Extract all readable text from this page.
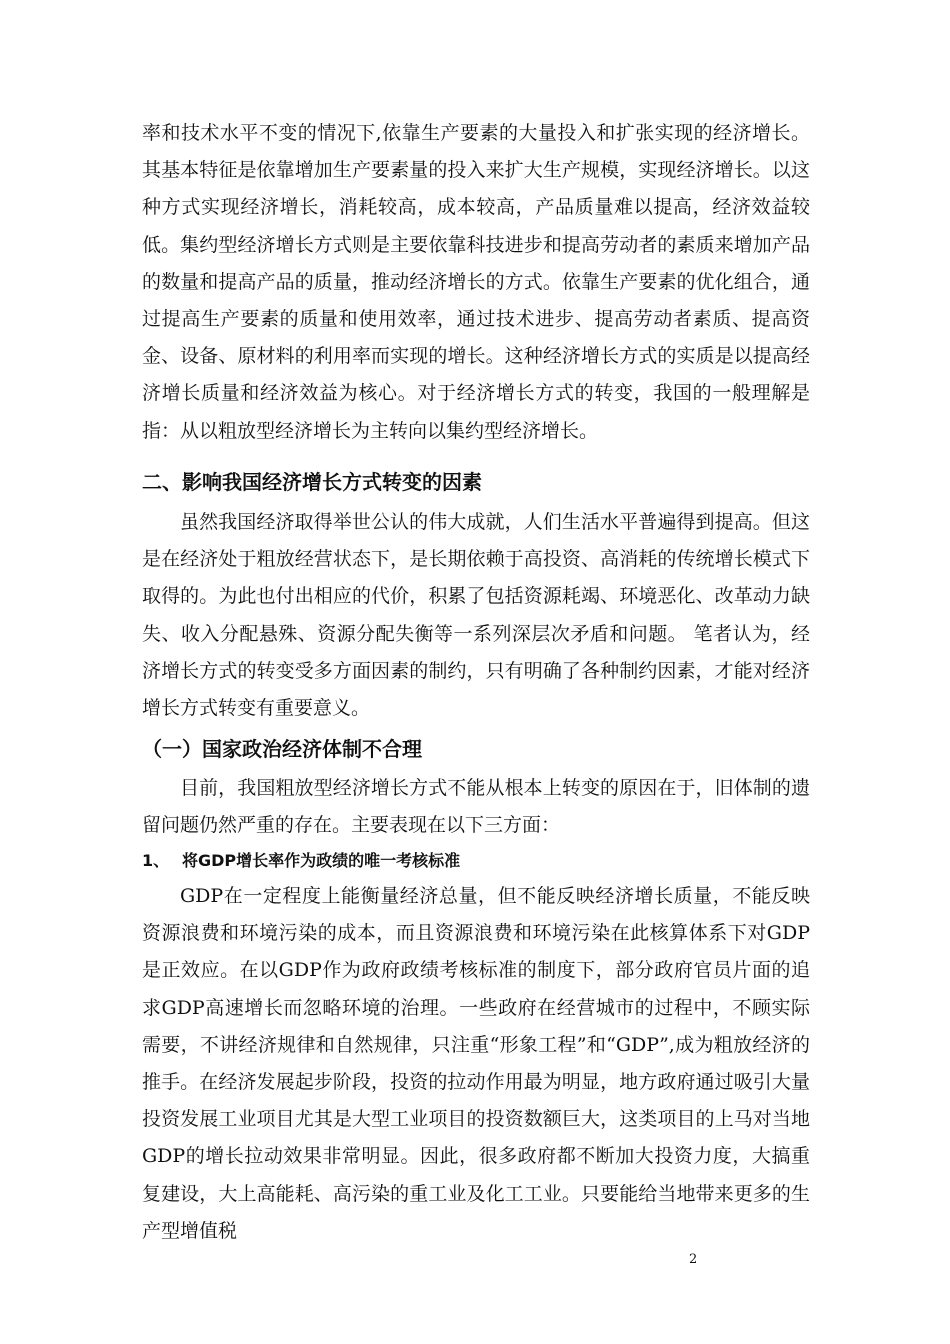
率和技术水平不变的情况下,依靠生产要素的大量投入和扩张实现的经济增长。其基本特征是依靠增加生产要素量的投入来扩大生产规模，实现经济增长。以这种方式实现经济增长，消耗较高，成本较高，产品质量难以提高，经济效益较低。集约型经济增长方式则是主要依靠科技进步和提高劳动者的素质来增加产品的数量和提高产品的质量，推动经济增长的方式。依靠生产要素的优化组合，通过提高生产要素的质量和使用效率，通过技术进步、提高劳动者素质、提高资金、设备、原材料的利用率而实现的增长。这种经济增长方式的实质是以提高经济增长质量和经济效益为核心。对于经济增长方式的转变，我国的一般理解是指：从以粗放型经济增长为主转向以集约型经济增长。

二、影响我国经济增长方式转变的因素

虽然我国经济取得举世公认的伟大成就，人们生活水平普遍得到提高。但这是在经济处于粗放经营状态下，是长期依赖于高投资、高消耗的传统增长模式下取得的。为此也付出相应的代价，积累了包括资源耗竭、环境恶化、改革动力缺失、收入分配悬殊、资源分配失衡等一系列深层次矛盾和问题。 笔者认为，经济增长方式的转变受多方面因素的制约，只有明确了各种制约因素，才能对经济增长方式转变有重要意义。

（一）国家政治经济体制不合理

目前，我国粗放型经济增长方式不能从根本上转变的原因在于，旧体制的遗留问题仍然严重的存在。主要表现在以下三方面：

1、 将GDP增长率作为政绩的唯一考核标准

GDP在一定程度上能衡量经济总量，但不能反映经济增长质量，不能反映资源浪费和环境污染的成本，而且资源浪费和环境污染在此核算体系下对GDP是正效应。在以GDP作为政府政绩考核标准的制度下，部分政府官员片面的追求GDP高速增长而忽略环境的治理。一些政府在经营城市的过程中，不顾实际需要，不讲经济规律和自然规律，只注重“形象工程”和“GDP”,成为粗放经济的推手。在经济发展起步阶段，投资的拉动作用最为明显，地方政府通过吸引大量投资发展工业项目尤其是大型工业项目的投资数额巨大，这类项目的上马对当地GDP的增长拉动效果非常明显。因此，很多政府都不断加大投资力度，大搞重复建设，大上高能耗、高污染的重工业及化工工业。只要能给当地带来更多的生产型增值税

2
